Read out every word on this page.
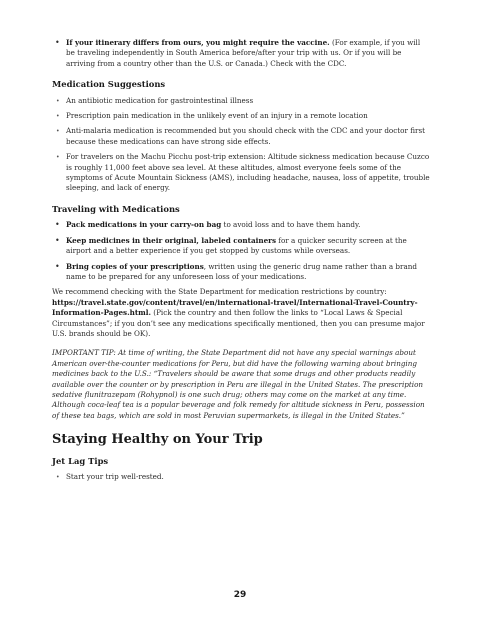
• If your itinerary differs from ours, you might require the vaccine. (For example, if you will be traveling independently in South America before/after your trip with us. Or if you will be arriving from a country other than the U.S. or Canada.) Check with the CDC.
Medication Suggestions
• An antibiotic medication for gastrointestinal illness
• Prescription pain medication in the unlikely event of an injury in a remote location
• Anti-malaria medication is recommended but you should check with the CDC and your doctor first because these medications can have strong side effects.
• For travelers on the Machu Picchu post-trip extension: Altitude sickness medication because Cuzco is roughly 11,000 feet above sea level. At these altitudes, almost everyone feels some of the symptoms of Acute Mountain Sickness (AMS), including headache, nausea, loss of appetite, trouble sleeping, and lack of energy.
Traveling with Medications
• Pack medications in your carry-on bag to avoid loss and to have them handy.
• Keep medicines in their original, labeled containers for a quicker security screen at the airport and a better experience if you get stopped by customs while overseas.
• Bring copies of your prescriptions, written using the generic drug name rather than a brand name to be prepared for any unforeseen loss of your medications.

We recommend checking with the State Department for medication restrictions by country: https://travel.state.gov/content/travel/en/international-travel/International-Travel-Country-Information-Pages.html. (Pick the country and then follow the links to “Local Laws & Special Circumstances”; if you don’t see any medications specifically mentioned, then you can presume major U.S. brands should be OK).

IMPORTANT TIP: At time of writing, the State Department did not have any special warnings about American over-the-counter medications for Peru, but did have the following warning about bringing medicines back to the U.S.: “Travelers should be aware that some drugs and other products readily available over the counter or by prescription in Peru are illegal in the United States. The prescription sedative flunitrazepam (Rohypnol) is one such drug; others may come on the market at any time. Although coca-leaf tea is a popular beverage and folk remedy for altitude sickness in Peru, possession of these tea bags, which are sold in most Peruvian supermarkets, is illegal in the United States.”

Staying Healthy on Your Trip
Jet Lag Tips
• Start your trip well-rested.
29
